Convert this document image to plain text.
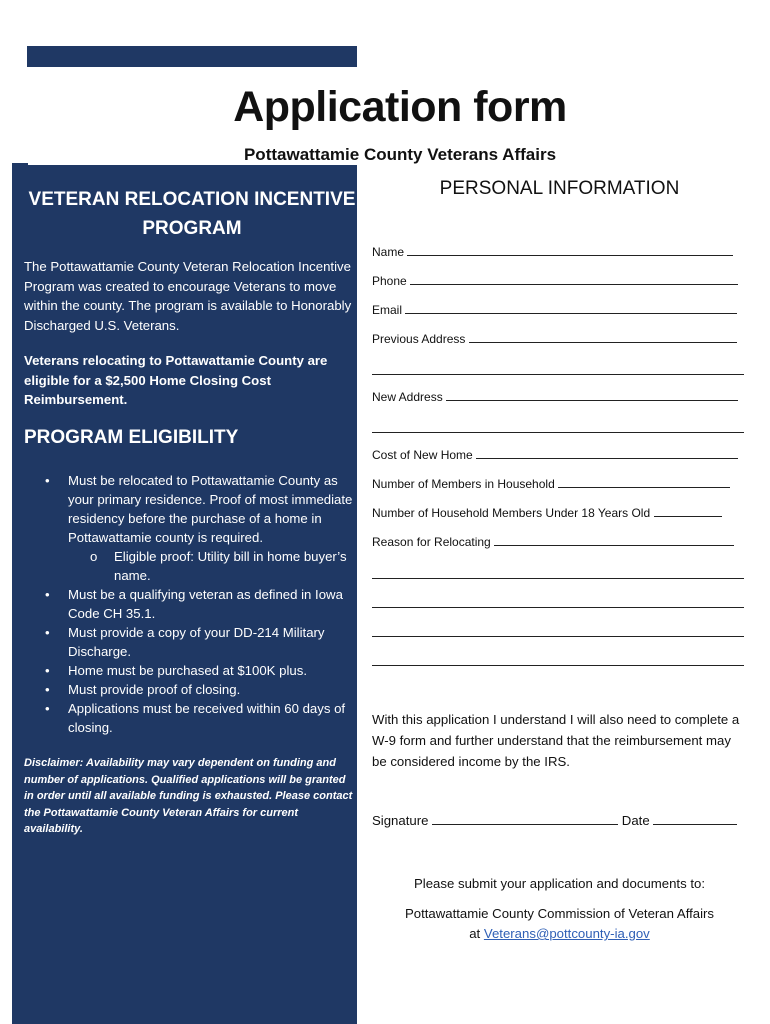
Application form
Pottawattamie County Veterans Affairs
VETERAN RELOCATION INCENTIVE
PROGRAM
The Pottawattamie County Veteran Relocation Incentive Program was created to encourage Veterans to move within the county. The program is available to Honorably Discharged U.S. Veterans.
Veterans relocating to Pottawattamie County are eligible for a $2,500 Home Closing Cost Reimbursement.
PROGRAM ELIGIBILITY
• Must be relocated to Pottawattamie County as your primary residence. Proof of most immediate residency before the purchase of a home in Pottawattamie county is required.
o Eligible proof: Utility bill in home buyer’s name.
• Must be a qualifying veteran as defined in Iowa Code CH 35.1.
• Must provide a copy of your DD-214 Military Discharge.
• Home must be purchased at $100K plus.
• Must provide proof of closing.
• Applications must be received within 60 days of closing.
Disclaimer: Availability may vary dependent on funding and number of applications. Qualified applications will be granted in order until all available funding is exhausted. Please contact the Pottawattamie County Veteran Affairs for current availability.
PERSONAL INFORMATION
Name
Phone
Email
Previous Address
New Address
Cost of New Home
Number of Members in Household
Number of Household Members Under 18 Years Old
Reason for Relocating
With this application I understand I will also need to complete a W-9 form and further understand that the reimbursement may be considered income by the IRS.
Signature	Date
Please submit your application and documents to:
Pottawattamie County Commission of Veteran Affairs
at Veterans@pottcounty-ia.gov
